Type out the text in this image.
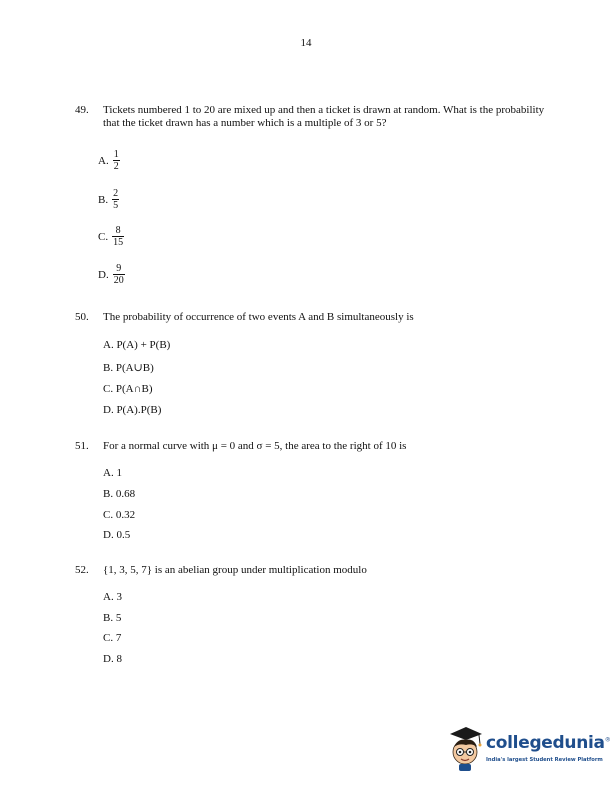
14
49. Tickets numbered 1 to 20 are mixed up and then a ticket is drawn at random. What is the probability that the ticket drawn has a number which is a multiple of 3 or 5?
A. $\frac{1}{2}$
B. $\frac{2}{5}$
C. $\frac{8}{15}$
D. $\frac{9}{20}$
50. The probability of occurrence of two events A and B simultaneously is
A. P(A) + P(B)
B. P(A∪B)
C. P(A∩B)
D. P(A).P(B)
51. For a normal curve with μ = 0 and σ = 5, the area to the right of 10 is
A. 1
B. 0.68
C. 0.32
D. 0.5
52. {1, 3, 5, 7} is an abelian group under multiplication modulo
A. 3
B. 5
C. 7
D. 8
collegedunia®
India's largest Student Review Platform
